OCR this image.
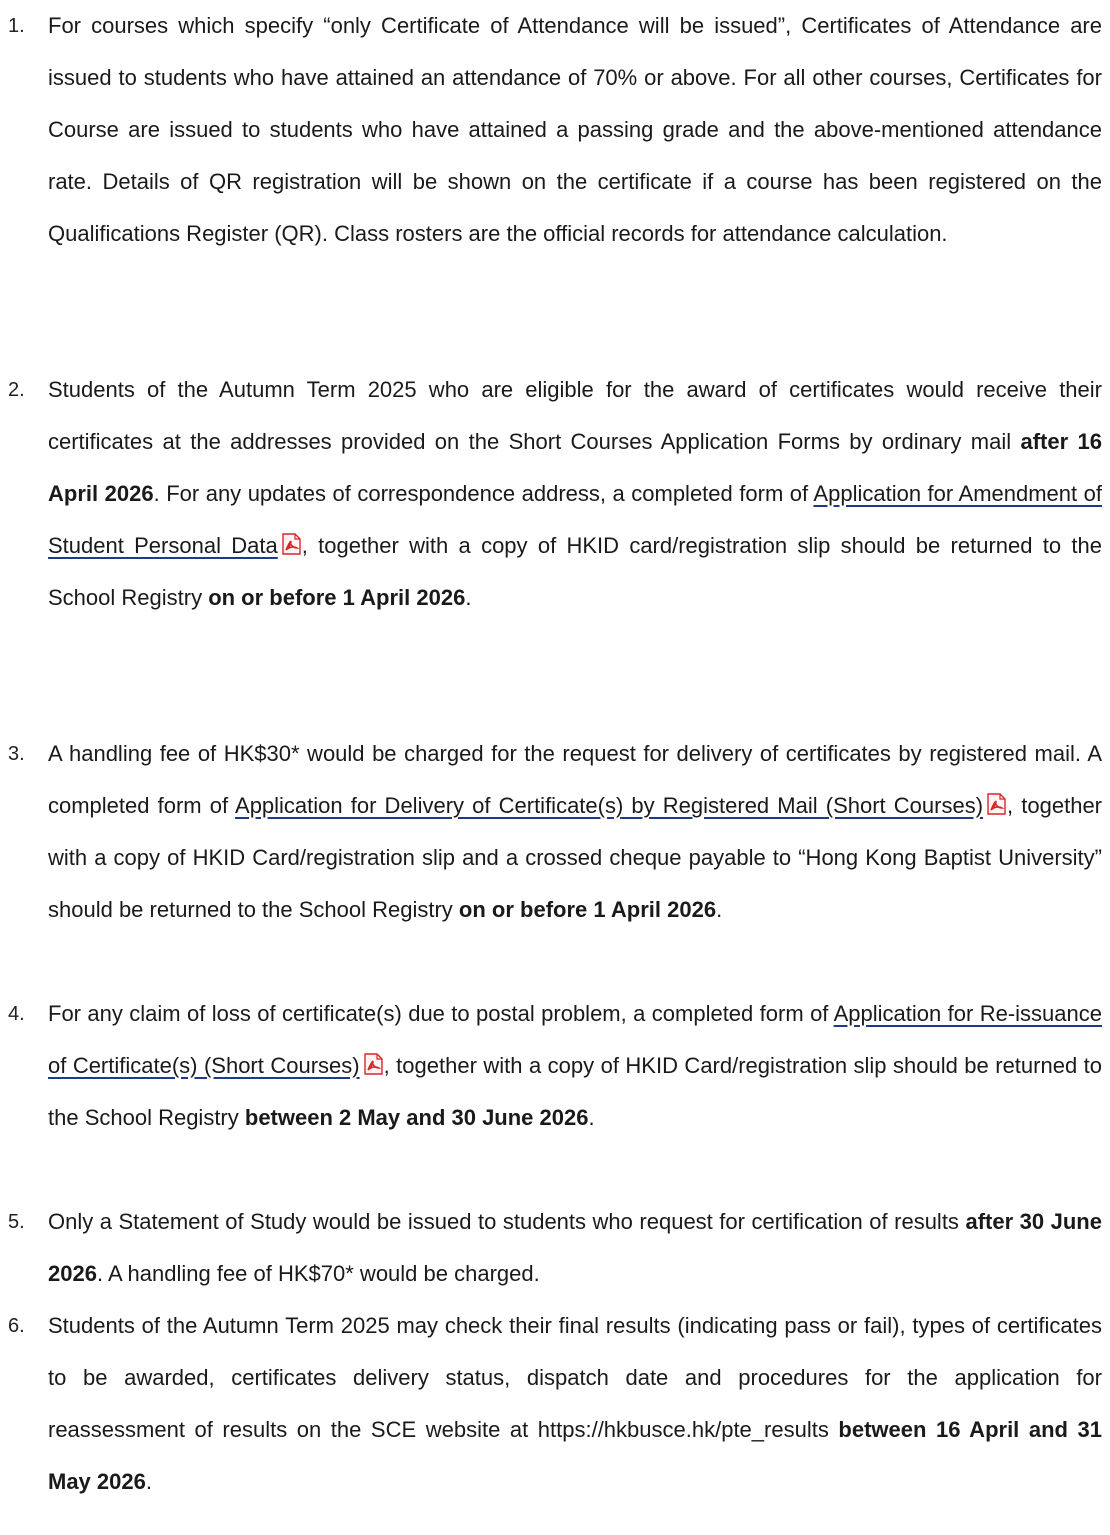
1.	For courses which specify “only Certificate of Attendance will be issued”, Certificates of Attendance are issued to students who have attained an attendance of 70% or above. For all other courses, Certificates for Course are issued to students who have attained a passing grade and the above-mentioned attendance rate. Details of QR registration will be shown on the certificate if a course has been registered on the Qualifications Register (QR). Class rosters are the official records for attendance calculation.
2.	Students of the Autumn Term 2025 who are eligible for the award of certificates would receive their certificates at the addresses provided on the Short Courses Application Forms by ordinary mail after 16 April 2026. For any updates of correspondence address, a completed form of Application for Amendment of Student Personal Data , together with a copy of HKID card/registration slip should be returned to the School Registry on or before 1 April 2026.
3.	A handling fee of HK$30* would be charged for the request for delivery of certificates by registered mail. A completed form of Application for Delivery of Certificate(s) by Registered Mail (Short Courses) , together with a copy of HKID Card/registration slip and a crossed cheque payable to “Hong Kong Baptist University” should be returned to the School Registry on or before 1 April 2026.
4.	For any claim of loss of certificate(s) due to postal problem, a completed form of Application for Re-issuance of Certificate(s) (Short Courses) , together with a copy of HKID Card/registration slip should be returned to the School Registry between 2 May and 30 June 2026.
5.	Only a Statement of Study would be issued to students who request for certification of results after 30 June 2026. A handling fee of HK$70* would be charged.
6.	Students of the Autumn Term 2025 may check their final results (indicating pass or fail), types of certificates to be awarded, certificates delivery status, dispatch date and procedures for the application for reassessment of results on the SCE website at https://hkbusce.hk/pte_results between 16 April and 31 May 2026.
